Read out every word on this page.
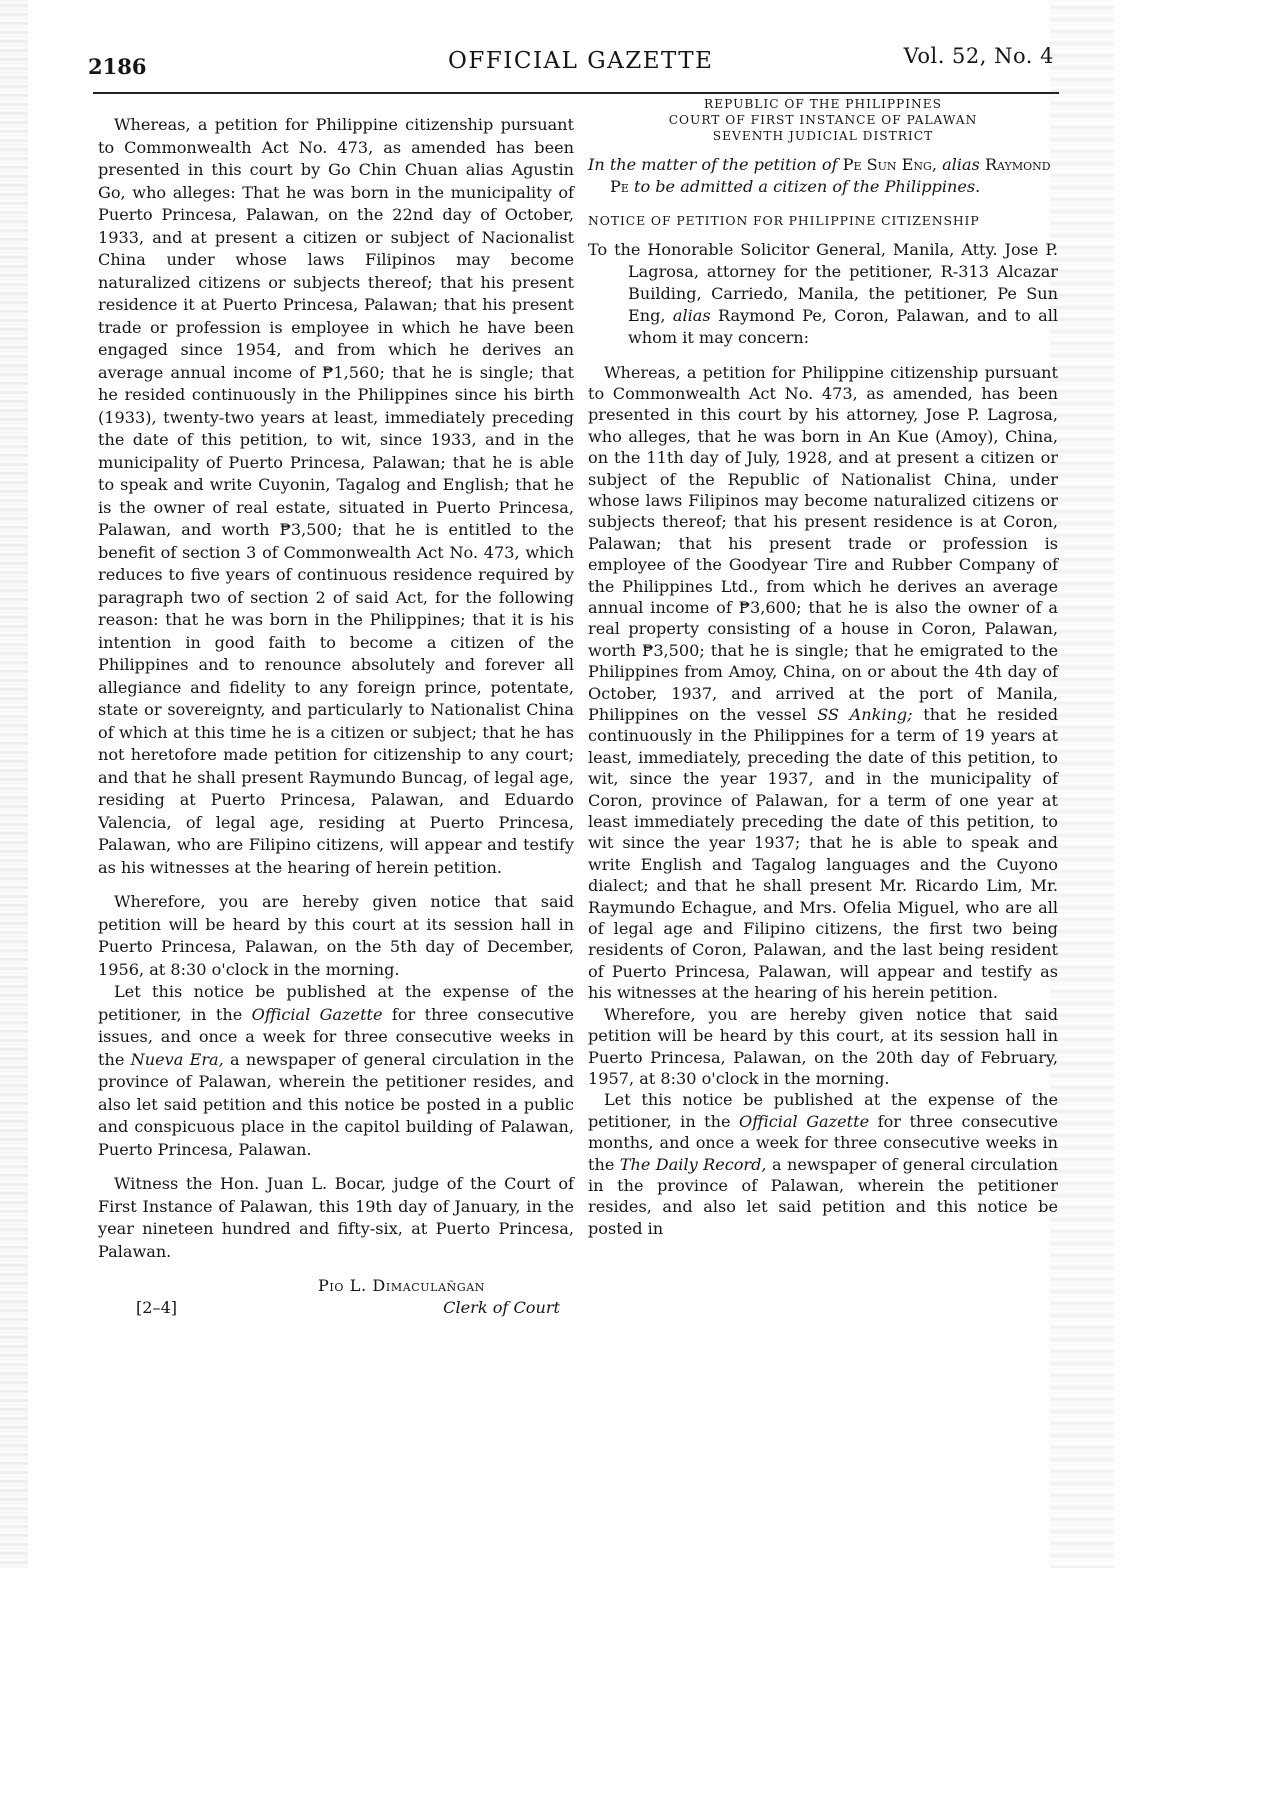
2186	OFFICIAL GAZETTE	Vol. 52, No. 4

Whereas, a petition for Philippine citizenship pursuant to Commonwealth Act No. 473, as amended has been presented in this court by Go Chin Chuan alias Agustin Go, who alleges: That he was born in the municipality of Puerto Princesa, Palawan, on the 22nd day of October, 1933, and at present a citizen or subject of Nacionalist China under whose laws Filipinos may become naturalized citizens or subjects thereof; that his present residence it at Puerto Princesa, Palawan; that his present trade or profession is employee in which he have been engaged since 1954, and from which he derives an average annual income of ₱1,560; that he is single; that he resided continuously in the Philippines since his birth (1933), twenty-two years at least, immediately preceding the date of this petition, to wit, since 1933, and in the municipality of Puerto Princesa, Palawan; that he is able to speak and write Cuyonin, Tagalog and English; that he is the owner of real estate, situated in Puerto Princesa, Palawan, and worth ₱3,500; that he is entitled to the benefit of section 3 of Commonwealth Act No. 473, which reduces to five years of continuous residence required by paragraph two of section 2 of said Act, for the following reason: that he was born in the Philippines; that it is his intention in good faith to become a citizen of the Philippines and to renounce absolutely and forever all allegiance and fidelity to any foreign prince, potentate, state or sovereignty, and particularly to Nationalist China of which at this time he is a citizen or subject; that he has not heretofore made petition for citizenship to any court; and that he shall present Raymundo Buncag, of legal age, residing at Puerto Princesa, Palawan, and Eduardo Valencia, of legal age, residing at Puerto Princesa, Palawan, who are Filipino citizens, will appear and testify as his witnesses at the hearing of herein petition.

Wherefore, you are hereby given notice that said petition will be heard by this court at its session hall in Puerto Princesa, Palawan, on the 5th day of December, 1956, at 8:30 o'clock in the morning.

Let this notice be published at the expense of the petitioner, in the Official Gazette for three consecutive issues, and once a week for three consecutive weeks in the Nueva Era, a newspaper of general circulation in the province of Palawan, wherein the petitioner resides, and also let said petition and this notice be posted in a public and conspicuous place in the capitol building of Palawan, Puerto Princesa, Palawan.

Witness the Hon. Juan L. Bocar, judge of the Court of First Instance of Palawan, this 19th day of January, in the year nineteen hundred and fifty-six, at Puerto Princesa, Palawan.

Pio L. Dimaculañgan
[2–4]	Clerk of Court

REPUBLIC OF THE PHILIPPINES

COURT OF FIRST INSTANCE OF PALAWAN

SEVENTH JUDICIAL DISTRICT

In the matter of the petition of Pe Sun Eng, alias Raymond Pe to be admitted a citizen of the Philippines.

NOTICE OF PETITION FOR PHILIPPINE CITIZENSHIP

To the Honorable Solicitor General, Manila, Atty. Jose P. Lagrosa, attorney for the petitioner, R-313 Alcazar Building, Carriedo, Manila, the petitioner, Pe Sun Eng, alias Raymond Pe, Coron, Palawan, and to all whom it may concern:

Whereas, a petition for Philippine citizenship pursuant to Commonwealth Act No. 473, as amended, has been presented in this court by his attorney, Jose P. Lagrosa, who alleges, that he was born in An Kue (Amoy), China, on the 11th day of July, 1928, and at present a citizen or subject of the Republic of Nationalist China, under whose laws Filipinos may become naturalized citizens or subjects thereof; that his present residence is at Coron, Palawan; that his present trade or profession is employee of the Goodyear Tire and Rubber Company of the Philippines Ltd., from which he derives an average annual income of ₱3,600; that he is also the owner of a real property consisting of a house in Coron, Palawan, worth ₱3,500; that he is single; that he emigrated to the Philippines from Amoy, China, on or about the 4th day of October, 1937, and arrived at the port of Manila, Philippines on the vessel SS Anking; that he resided continuously in the Philippines for a term of 19 years at least, immediately, preceding the date of this petition, to wit, since the year 1937, and in the municipality of Coron, province of Palawan, for a term of one year at least immediately preceding the date of this petition, to wit since the year 1937; that he is able to speak and write English and Tagalog languages and the Cuyono dialect; and that he shall present Mr. Ricardo Lim, Mr. Raymundo Echague, and Mrs. Ofelia Miguel, who are all of legal age and Filipino citizens, the first two being residents of Coron, Palawan, and the last being resident of Puerto Princesa, Palawan, will appear and testify as his witnesses at the hearing of his herein petition.

Wherefore, you are hereby given notice that said petition will be heard by this court, at its session hall in Puerto Princesa, Palawan, on the 20th day of February, 1957, at 8:30 o'clock in the morning.

Let this notice be published at the expense of the petitioner, in the Official Gazette for three consecutive months, and once a week for three consecutive weeks in the The Daily Record, a newspaper of general circulation in the province of Palawan, wherein the petitioner resides, and also let said petition and this notice be posted in
